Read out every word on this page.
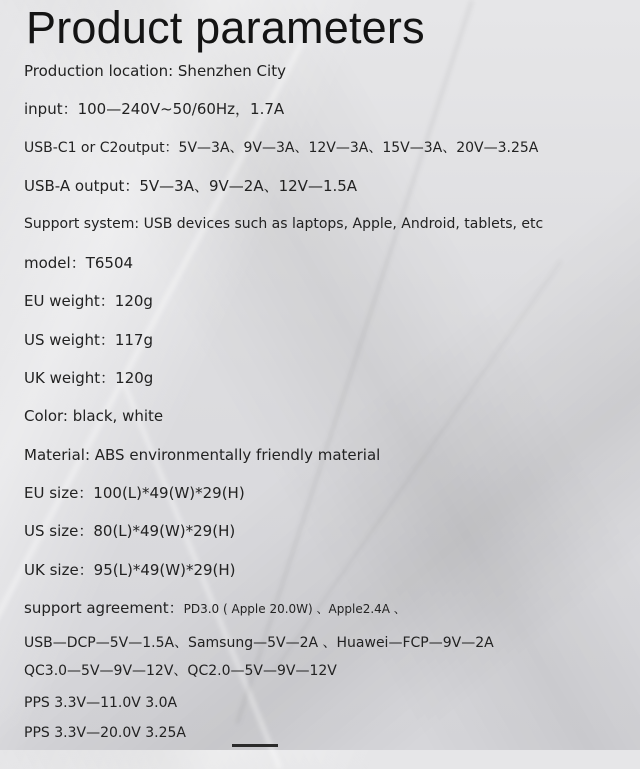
Product parameters
Production location: Shenzhen City
input：100—240V~50/60Hz，1.7A
USB-C1 or C2output：5V—3A、9V—3A、12V—3A、15V—3A、20V—3.25A
USB-A output：5V—3A、9V—2A、12V—1.5A
Support system: USB devices such as laptops, Apple, Android, tablets, etc
model：T6504
EU weight：120g
US weight：117g
UK weight：120g
Color: black, white
Material: ABS environmentally friendly material
EU size：100(L)*49(W)*29(H)
US size：80(L)*49(W)*29(H)
UK size：95(L)*49(W)*29(H)
support agreement：PD3.0 ( Apple 20.0W) 、Apple2.4A 、
USB—DCP—5V—1.5A、Samsung—5V—2A 、Huawei—FCP—9V—2A
QC3.0—5V—9V—12V、QC2.0—5V—9V—12V
PPS 3.3V—11.0V 3.0A
PPS 3.3V—20.0V 3.25A
